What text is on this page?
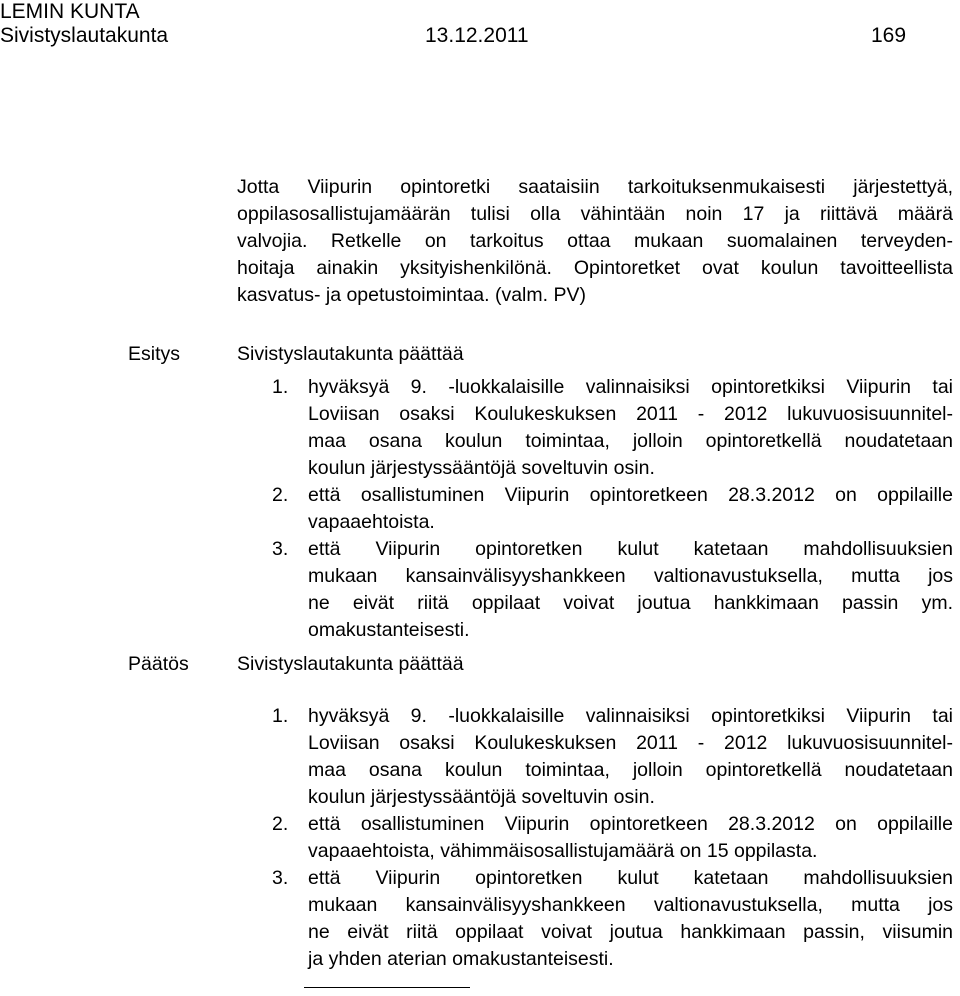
LEMIN KUNTA
Sivistyslautakunta	13.12.2011	169
Jotta Viipurin opintoretki saataisiin tarkoituksenmukaisesti järjestettyä,
oppilasosallistujamäärän tulisi olla vähintään noin 17 ja riittävä määrä
valvojia. Retkelle on tarkoitus ottaa mukaan suomalainen terveyden-
hoitaja ainakin yksityishenkilönä. Opintoretket ovat koulun tavoitteellista
kasvatus- ja opetustoimintaa. (valm. PV)
Esitys	Sivistyslautakunta päättää
1. hyväksyä 9. -luokkalaisille valinnaisiksi opintoretkiksi Viipurin tai
Loviisan osaksi Koulukeskuksen 2011 - 2012 lukuvuosisuunnitel-
maa osana koulun toimintaa, jolloin opintoretkellä noudatetaan
koulun järjestyssääntöjä soveltuvin osin.
2. että osallistuminen Viipurin opintoretkeen 28.3.2012 on oppilaille
vapaaehtoista.
3. että Viipurin opintoretken kulut katetaan mahdollisuuksien
mukaan kansainvälisyyshankkeen valtionavustuksella, mutta jos
ne eivät riitä oppilaat voivat joutua hankkimaan passin ym.
omakustanteisesti.
Päätös Sivistyslautakunta päättää
1. hyväksyä 9. -luokkalaisille valinnaisiksi opintoretkiksi Viipurin tai
Loviisan osaksi Koulukeskuksen 2011 - 2012 lukuvuosisuunnitel-
maa osana koulun toimintaa, jolloin opintoretkellä noudatetaan
koulun järjestyssääntöjä soveltuvin osin.
2. että osallistuminen Viipurin opintoretkeen 28.3.2012 on oppilaille
vapaaehtoista, vähimmäisosallistujamäärä on 15 oppilasta.
3. että Viipurin opintoretken kulut katetaan mahdollisuuksien
mukaan kansainvälisyyshankkeen valtionavustuksella, mutta jos
ne eivät riitä oppilaat voivat joutua hankkimaan passin, viisumin
ja yhden aterian omakustanteisesti.
